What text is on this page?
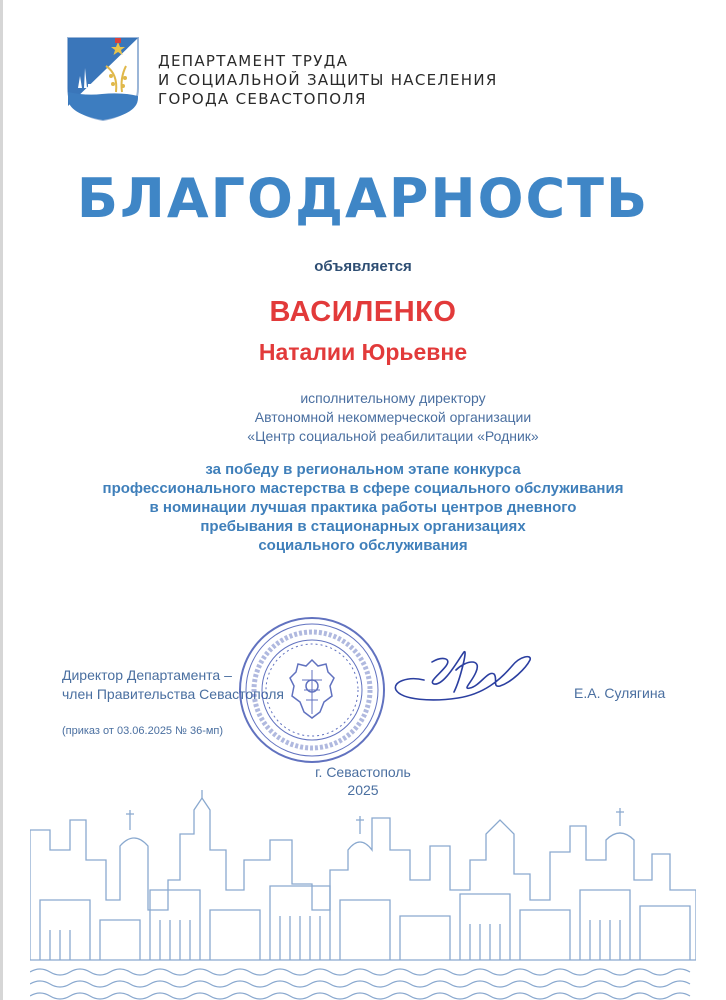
ДЕПАРТАМЕНТ ТРУДА
И СОЦИАЛЬНОЙ ЗАЩИТЫ НАСЕЛЕНИЯ
ГОРОДА СЕВАСТОПОЛЯ
БЛАГОДАРНОСТЬ
объявляется
ВАСИЛЕНКО
Наталии Юрьевне
исполнительному директору
Автономной некоммерческой организации
«Центр социальной реабилитации «Родник»
за победу в региональном этапе конкурса
профессионального мастерства в сфере социального обслуживания
в номинации лучшая практика работы центров дневного
пребывания в стационарных организациях
социального обслуживания
Директор Департамента –
член Правительства Севастополя	Е.А. Сулягина
(приказ от 03.06.2025 № 36-мп)
г. Севастополь
2025
